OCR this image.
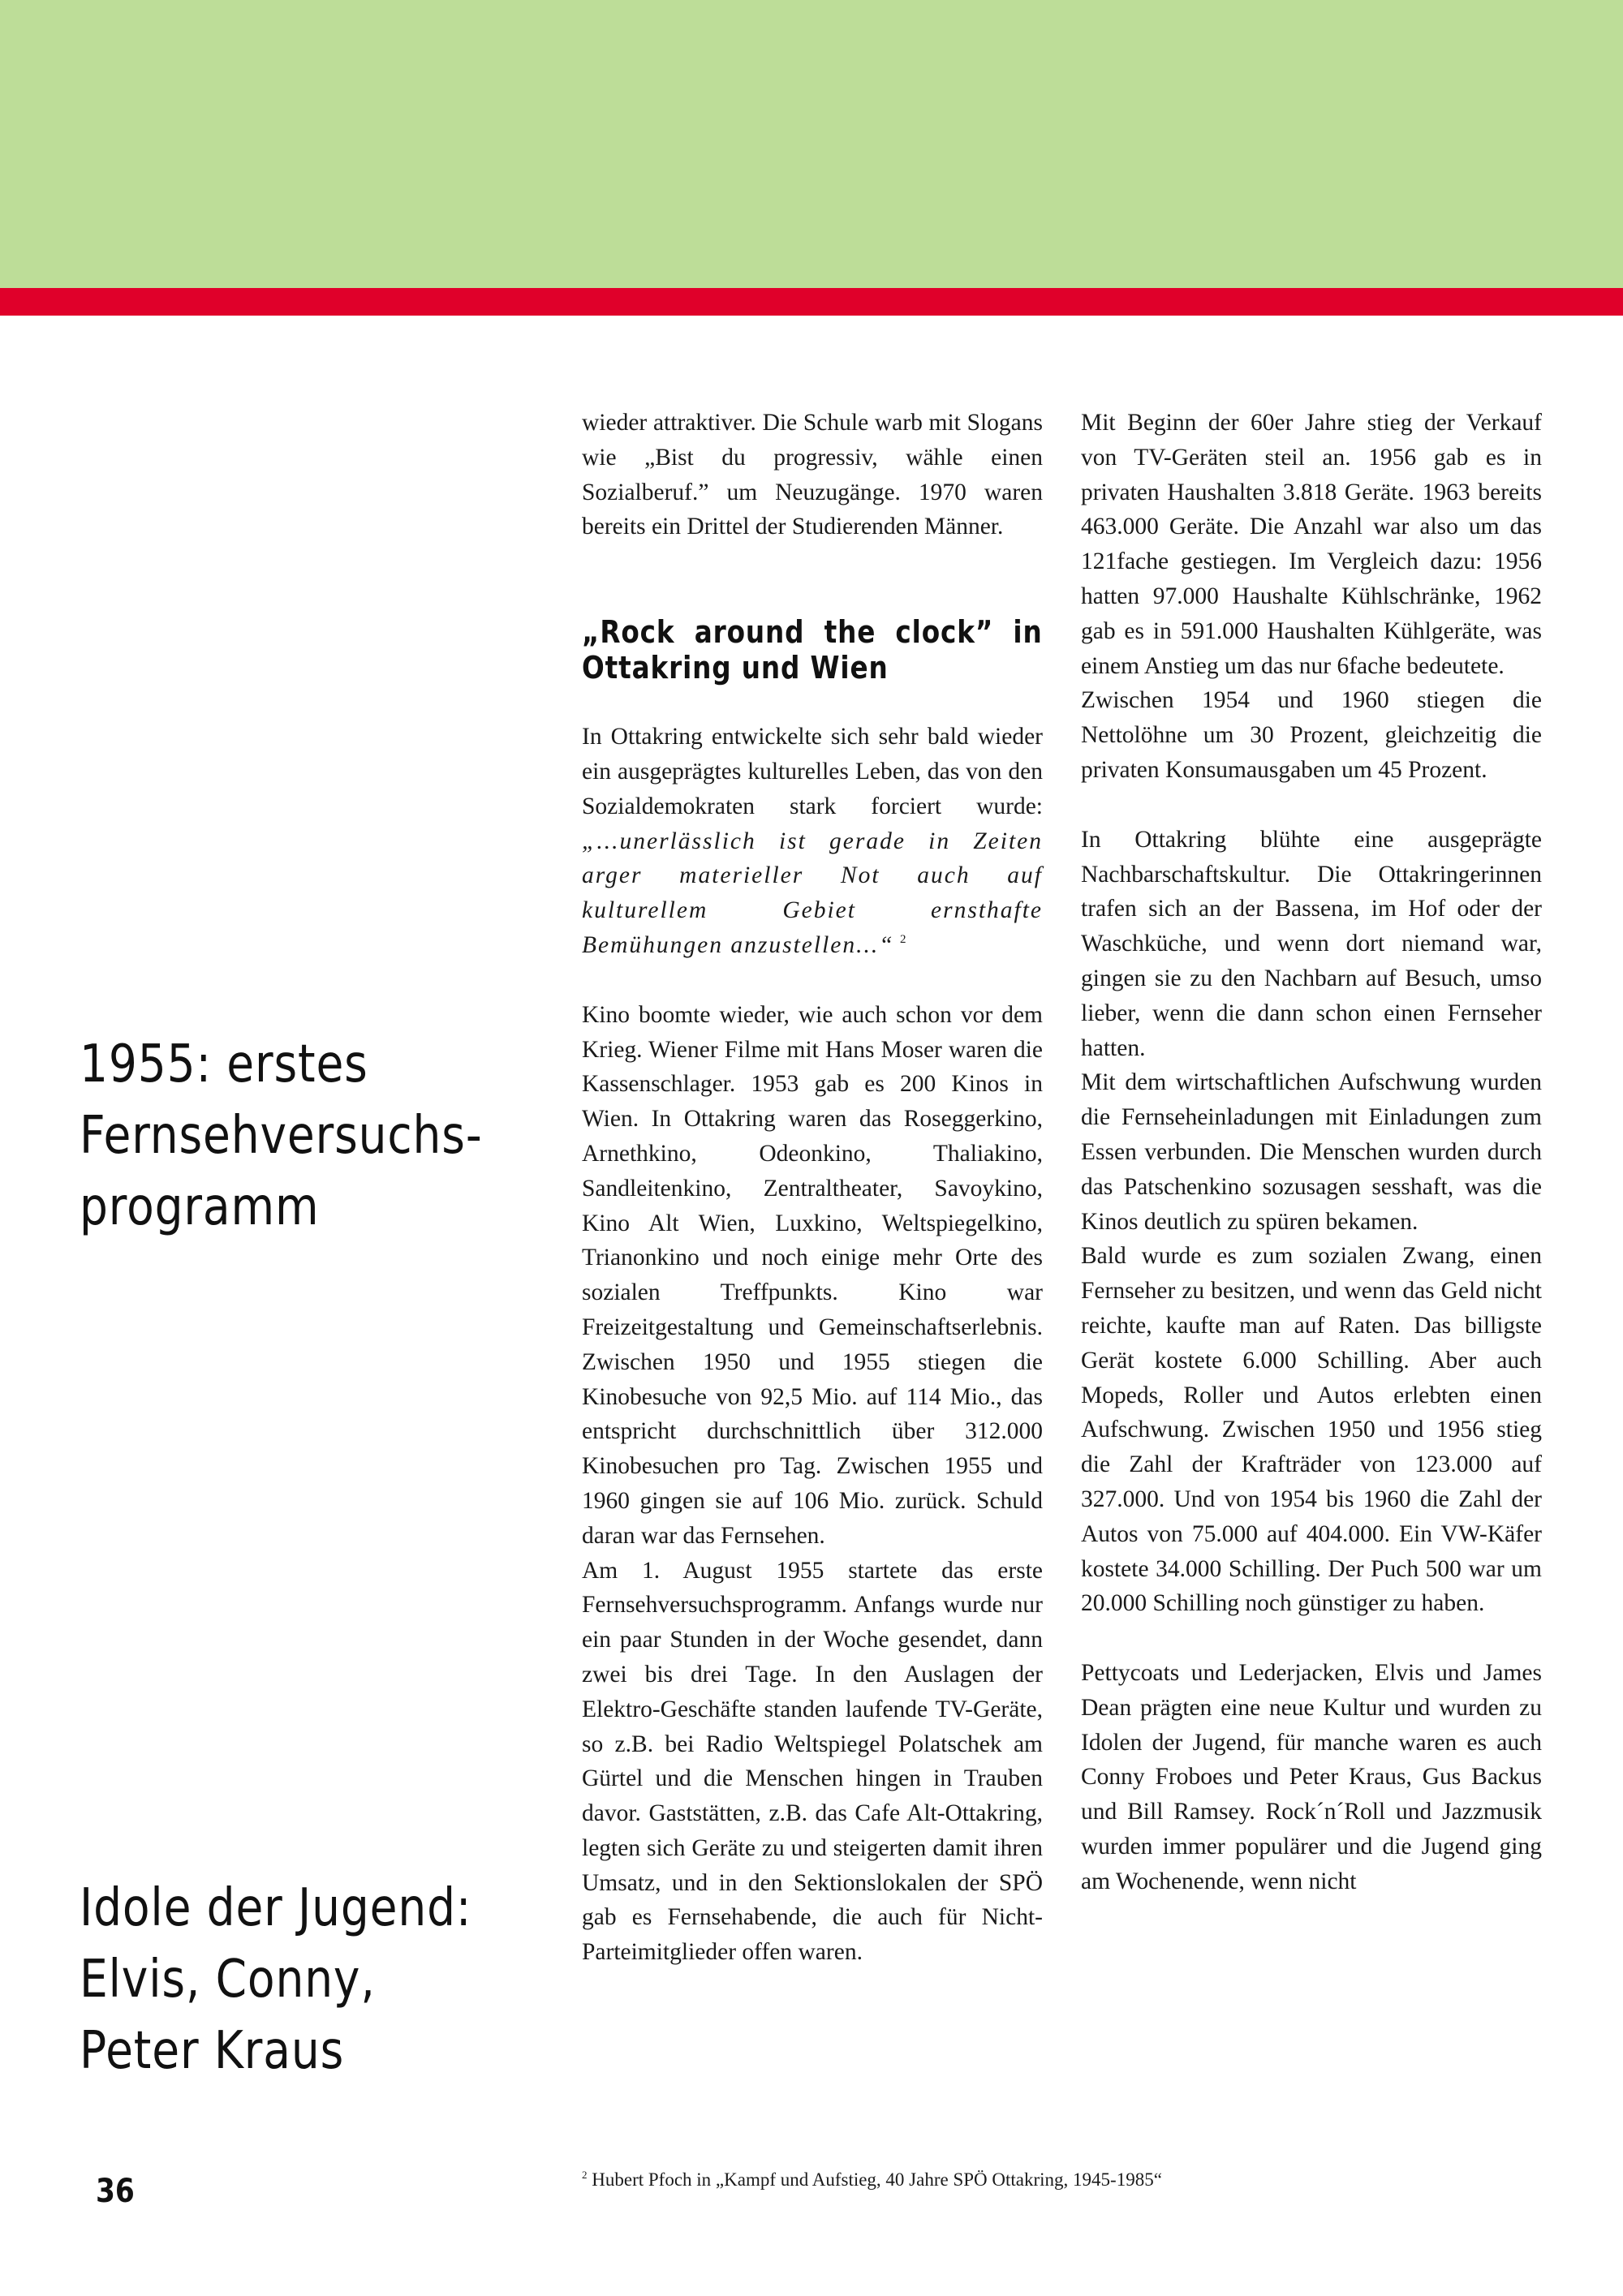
1955: erstes Fernsehversuchs-programm
Idole der Jugend: Elvis, Conny, Peter Kraus

wieder attraktiver. Die Schule warb mit Slogans wie „Bist du progressiv, wähle einen Sozialberuf.” um Neuzugänge. 1970 waren bereits ein Drittel der Studierenden Männer.

„Rock around the clock” in Ottakring und Wien

In Ottakring entwickelte sich sehr bald wieder ein ausgeprägtes kulturelles Leben, das von den Sozialdemokraten stark forciert wurde: „...unerlässlich ist gerade in Zeiten arger materieller Not auch auf kulturellem Gebiet ernsthafte Bemühungen anzustellen...“ $^2$

Kino boomte wieder, wie auch schon vor dem Krieg. Wiener Filme mit Hans Moser waren die Kassenschlager. 1953 gab es 200 Kinos in Wien. In Ottakring waren das Roseggerkino, Arnethkino, Odeonkino, Thaliakino, Sandleitenkino, Zentraltheater, Savoykino, Kino Alt Wien, Luxkino, Weltspiegelkino, Trianonkino und noch einige mehr Orte des sozialen Treffpunkts. Kino war Freizeitgestaltung und Gemeinschaftserlebnis. Zwischen 1950 und 1955 stiegen die Kinobesuche von 92,5 Mio. auf 114 Mio., das entspricht durchschnittlich über 312.000 Kinobesuchen pro Tag. Zwischen 1955 und 1960 gingen sie auf 106 Mio. zurück. Schuld daran war das Fernsehen.

Am 1. August 1955 startete das erste Fernsehversuchsprogramm. Anfangs wurde nur ein paar Stunden in der Woche gesendet, dann zwei bis drei Tage. In den Auslagen der Elektro-Geschäfte standen laufende TV-Geräte, so z.B. bei Radio Weltspiegel Polatschek am Gürtel und die Menschen hingen in Trauben davor. Gaststätten, z.B. das Cafe Alt-Ottakring, legten sich Geräte zu und steigerten damit ihren Umsatz, und in den Sektionslokalen der SPÖ gab es Fernsehabende, die auch für Nicht-Parteimitglieder offen waren.

Mit Beginn der 60er Jahre stieg der Verkauf von TV-Geräten steil an. 1956 gab es in privaten Haushalten 3.818 Geräte. 1963 bereits 463.000 Geräte. Die Anzahl war also um das 121fache gestiegen. Im Vergleich dazu: 1956 hatten 97.000 Haushalte Kühlschränke, 1962 gab es in 591.000 Haushalten Kühlgeräte, was einem Anstieg um das nur 6fache bedeutete.

Zwischen 1954 und 1960 stiegen die Nettolöhne um 30 Prozent, gleichzeitig die privaten Konsumausgaben um 45 Prozent.

In Ottakring blühte eine ausgeprägte Nachbarschaftskultur. Die Ottakringerinnen trafen sich an der Bassena, im Hof oder der Waschküche, und wenn dort niemand war, gingen sie zu den Nachbarn auf Besuch, umso lieber, wenn die dann schon einen Fernseher hatten.

Mit dem wirtschaftlichen Aufschwung wurden die Fernseheinladungen mit Einladungen zum Essen verbunden. Die Menschen wurden durch das Patschenkino sozusagen sesshaft, was die Kinos deutlich zu spüren bekamen.

Bald wurde es zum sozialen Zwang, einen Fernseher zu besitzen, und wenn das Geld nicht reichte, kaufte man auf Raten. Das billigste Gerät kostete 6.000 Schilling. Aber auch Mopeds, Roller und Autos erlebten einen Aufschwung. Zwischen 1950 und 1956 stieg die Zahl der Krafträder von 123.000 auf 327.000. Und von 1954 bis 1960 die Zahl der Autos von 75.000 auf 404.000. Ein VW-Käfer kostete 34.000 Schilling. Der Puch 500 war um 20.000 Schilling noch günstiger zu haben.

Pettycoats und Lederjacken, Elvis und James Dean prägten eine neue Kultur und wurden zu Idolen der Jugend, für manche waren es auch Conny Froboes und Peter Kraus, Gus Backus und Bill Ramsey. Rock´n´Roll und Jazzmusik wurden immer populärer und die Jugend ging am Wochenende, wenn nicht

$^2$ Hubert Pfoch in „Kampf und Aufstieg, 40 Jahre SPÖ Ottakring, 1945-1985“

36
